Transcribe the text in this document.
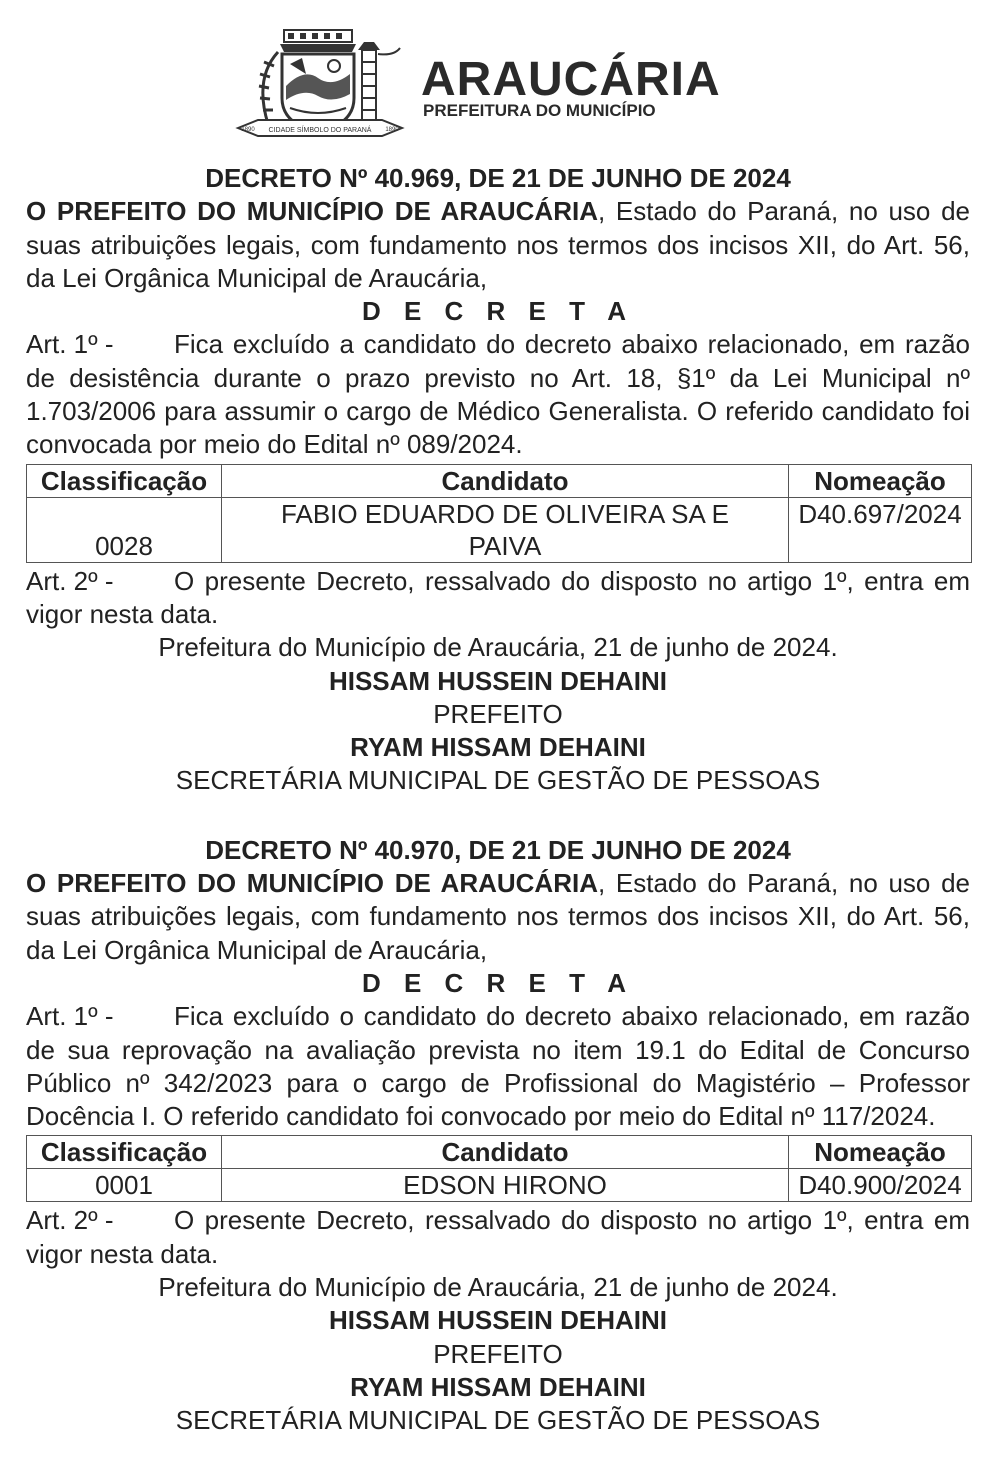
CIDADE SÍMBOLO DO PARANÁ
1890	1890
ARAUCÁRIA
PREFEITURA DO MUNICÍPIO
DECRETO Nº 40.969, DE 21 DE JUNHO DE 2024
O PREFEITO DO MUNICÍPIO DE ARAUCÁRIA, Estado do Paraná, no uso de suas atribuições legais, com fundamento nos termos dos incisos XII, do Art. 56, da Lei Orgânica Municipal de Araucária,
D E C R E T A
Art. 1º - Fica excluído a candidato do decreto abaixo relacionado, em razão de desistência durante o prazo previsto no Art. 18, §1º da Lei Municipal nº 1.703/2006 para assumir o cargo de Médico Generalista. O referido candidato foi convocada por meio do Edital nº 089/2024.
Classificação	Candidato	Nomeação
0028	FABIO EDUARDO DE OLIVEIRA SA E PAIVA	D40.697/2024
Art. 2º - O presente Decreto, ressalvado do disposto no artigo 1º, entra em vigor nesta data.
Prefeitura do Município de Araucária, 21 de junho de 2024.
HISSAM HUSSEIN DEHAINI
PREFEITO
RYAM HISSAM DEHAINI
SECRETÁRIA MUNICIPAL DE GESTÃO DE PESSOAS
DECRETO Nº 40.970, DE 21 DE JUNHO DE 2024
O PREFEITO DO MUNICÍPIO DE ARAUCÁRIA, Estado do Paraná, no uso de suas atribuições legais, com fundamento nos termos dos incisos XII, do Art. 56, da Lei Orgânica Municipal de Araucária,
D E C R E T A
Art. 1º - Fica excluído o candidato do decreto abaixo relacionado, em razão de sua reprovação na avaliação prevista no item 19.1 do Edital de Concurso Público nº 342/2023 para o cargo de Profissional do Magistério – Professor Docência I. O referido candidato foi convocado por meio do Edital nº 117/2024.
Classificação	Candidato	Nomeação
0001	EDSON HIRONO	D40.900/2024
Art. 2º - O presente Decreto, ressalvado do disposto no artigo 1º, entra em vigor nesta data.
Prefeitura do Município de Araucária, 21 de junho de 2024.
HISSAM HUSSEIN DEHAINI
PREFEITO
RYAM HISSAM DEHAINI
SECRETÁRIA MUNICIPAL DE GESTÃO DE PESSOAS
